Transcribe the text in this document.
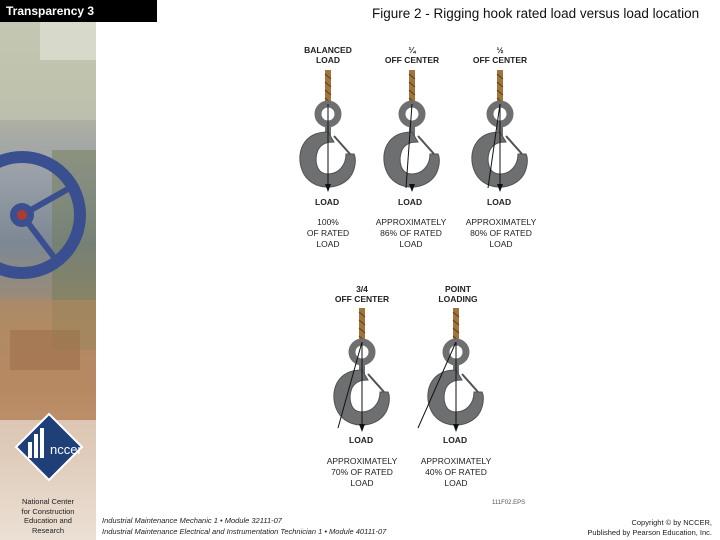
Transparency 3	Figure 2 - Rigging hook rated load versus load location
nccer
BALANCED
LOAD
LOAD
100%
OF RATED
LOAD
¼
OFF CENTER
LOAD
APPROXIMATELY
86% OF RATED
LOAD
½
OFF CENTER
LOAD
APPROXIMATELY
80% OF RATED
LOAD
3/4
OFF CENTER
LOAD
APPROXIMATELY
70% OF RATED
LOAD
POINT
LOADING
LOAD
APPROXIMATELY
40% OF RATED
LOAD
111F02.EPS
National Center
for Construction
Education and
Research
Industrial Maintenance Mechanic 1 • Module 32111-07
Industrial Maintenance Electrical and Instrumentation Technician 1 • Module 40111-07
Copyright © by NCCER,
Published by Pearson Education, Inc.
